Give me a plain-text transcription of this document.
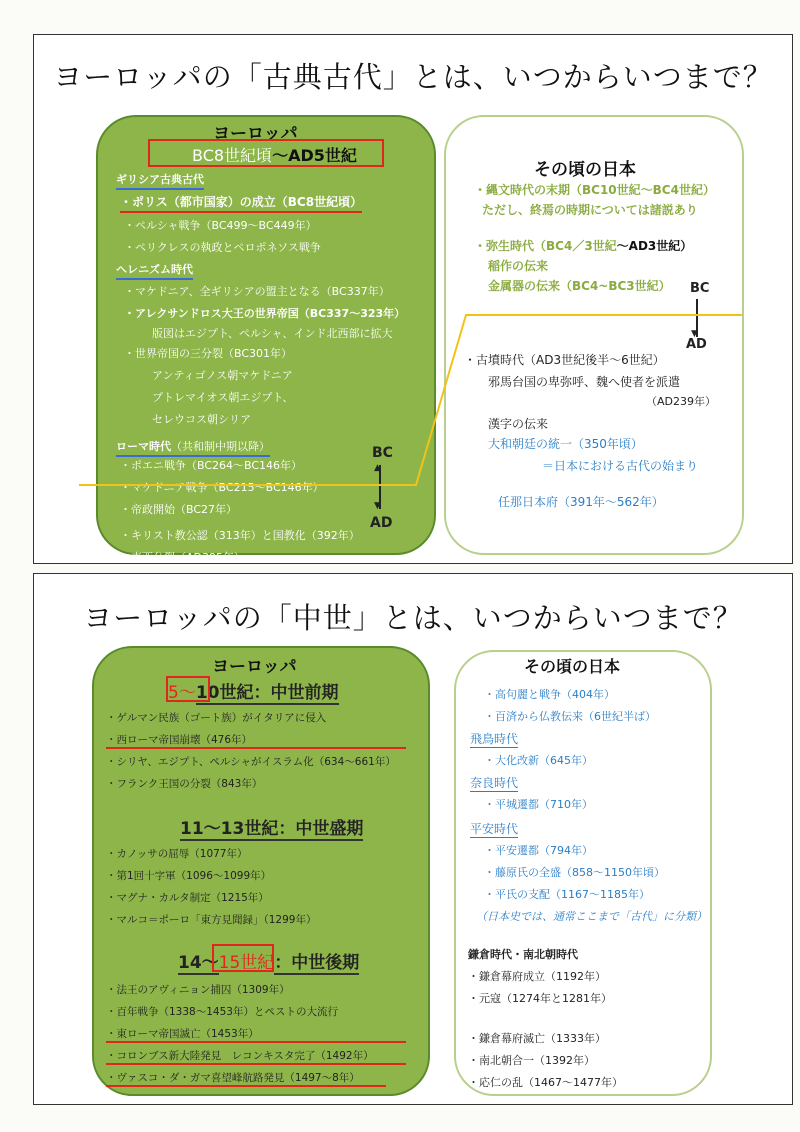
ヨーロッパの「古典古代」とは、いつからいつまで？
ヨーロッパ
BC8世紀頃～AD5世紀
ギリシア古典古代
・ポリス（都市国家）の成立（BC8世紀頃）
・ペルシャ戦争（BC499～BC449年）
・ペリクレスの執政とペロポネソス戦争
ヘレニズム時代
・マケドニア、全ギリシアの盟主となる（BC337年）
・アレクサンドロス大王の世界帝国（BC337～323年）
版図はエジプト、ペルシャ、インド北西部に拡大
・世界帝国の三分裂（BC301年）
アンティゴノス朝マケドニア
プトレマイオス朝エジプト、
セレウコス朝シリア
ローマ時代（共和制中期以降）
・ポエニ戦争（BC264～BC146年）
・マケドニア戦争（BC215～BC146年）
・帝政開始（BC27年）
・キリスト教公認（313年）と国教化（392年）
・東西分裂（AD395年）
BC
▲
▼
AD
その頃の日本
・縄文時代の末期（BC10世紀～BC4世紀）
ただし、終焉の時期については諸説あり
・弥生時代（BC4／3世紀～AD3世紀）
稲作の伝来
金属器の伝来（BC4~BC3世紀）
・古墳時代（AD3世紀後半～6世紀）
邪馬台国の卑弥呼、魏へ使者を派遣
（AD239年）
漢字の伝来
大和朝廷の統一（350年頃）
＝日本における古代の始まり
任那日本府（391年～562年）
BC
▼
AD
ヨーロッパの「中世」とは、いつからいつまで？
ヨーロッパ
5～10世紀：中世前期
・ゲルマン民族（ゴート族）がイタリアに侵入
・西ローマ帝国崩壊（476年）
・シリヤ、エジプト、ペルシャがイスラム化（634～661年）
・フランク王国の分裂（843年）
11～13世紀：中世盛期
・カノッサの屈辱（1077年）
・第1回十字軍（1096～1099年）
・マグナ・カルタ制定（1215年）
・マルコ＝ポーロ「東方見聞録」（1299年）
14～15世紀：中世後期
・法王のアヴィニョン捕囚（1309年）
・百年戦争（1338～1453年）とペストの大流行
・東ローマ帝国滅亡（1453年）
・コロンブス新大陸発見　レコンキスタ完了（1492年）
・ヴァスコ・ダ・ガマ喜望峰航路発見（1497～8年）
その頃の日本
・高句麗と戦争（404年）
・百済から仏教伝来（6世紀半ば）
飛鳥時代
・大化改新（645年）
奈良時代
・平城遷都（710年）
平安時代
・平安遷都（794年）
・藤原氏の全盛（858～1150年頃）
・平氏の支配（1167～1185年）
（日本史では、通常ここまで「古代」に分類）
鎌倉時代・南北朝時代
・鎌倉幕府成立（1192年）
・元寇（1274年と1281年）
・鎌倉幕府滅亡（1333年）
・南北朝合一（1392年）
・応仁の乱（1467～1477年）
